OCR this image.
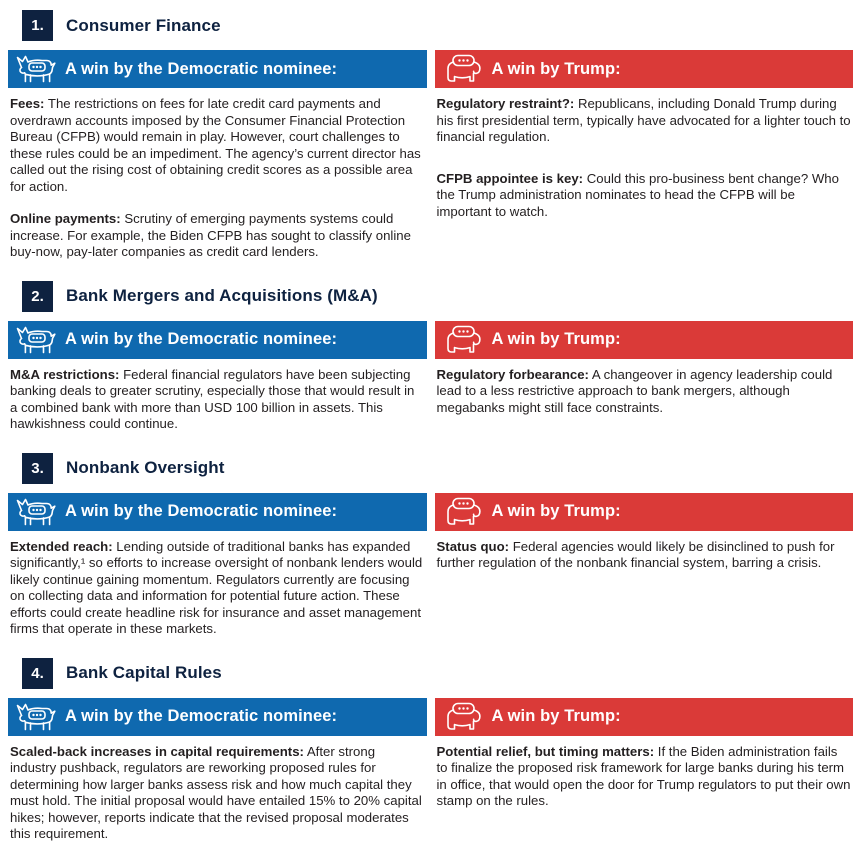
1.	Consumer Finance
A win by the Democratic nominee:

Fees: The restrictions on fees for late credit card payments and overdrawn accounts imposed by the Consumer Financial Protection Bureau (CFPB) would remain in play. However, court challenges to these rules could be an impediment. The agency’s current director has called out the rising cost of obtaining credit scores as a possible area for action.

Online payments: Scrutiny of emerging payments systems could increase. For example, the Biden CFPB has sought to classify online buy-now, pay-later companies as credit card lenders.

A win by Trump:

Regulatory restraint?: Republicans, including Donald Trump during his first presidential term, typically have advocated for a lighter touch to financial regulation.

CFPB appointee is key: Could this pro-business bent change? Who the Trump administration nominates to head the CFPB will be important to watch.

2.	Bank Mergers and Acquisitions (M&A)
A win by the Democratic nominee:

M&A restrictions: Federal financial regulators have been subjecting banking deals to greater scrutiny, especially those that would result in a combined bank with more than USD 100 billion in assets. This hawkishness could continue.

A win by Trump:

Regulatory forbearance: A changeover in agency leadership could lead to a less restrictive approach to bank mergers, although megabanks might still face constraints.

3.	Nonbank Oversight
A win by the Democratic nominee:

Extended reach: Lending outside of traditional banks has expanded significantly,¹ so efforts to increase oversight of nonbank lenders would likely continue gaining momentum. Regulators currently are focusing on collecting data and information for potential future action. These efforts could create headline risk for insurance and asset management firms that operate in these markets.

A win by Trump:

Status quo: Federal agencies would likely be disinclined to push for further regulation of the nonbank financial system, barring a crisis.

4.	Bank Capital Rules
A win by the Democratic nominee:

Scaled-back increases in capital requirements: After strong industry pushback, regulators are reworking proposed rules for determining how larger banks assess risk and how much capital they must hold. The initial proposal would have entailed 15% to 20% capital hikes; however, reports indicate that the revised proposal moderates this requirement.

A win by Trump:

Potential relief, but timing matters: If the Biden administration fails to finalize the proposed risk framework for large banks during his term in office, that would open the door for Trump regulators to put their own stamp on the rules.
